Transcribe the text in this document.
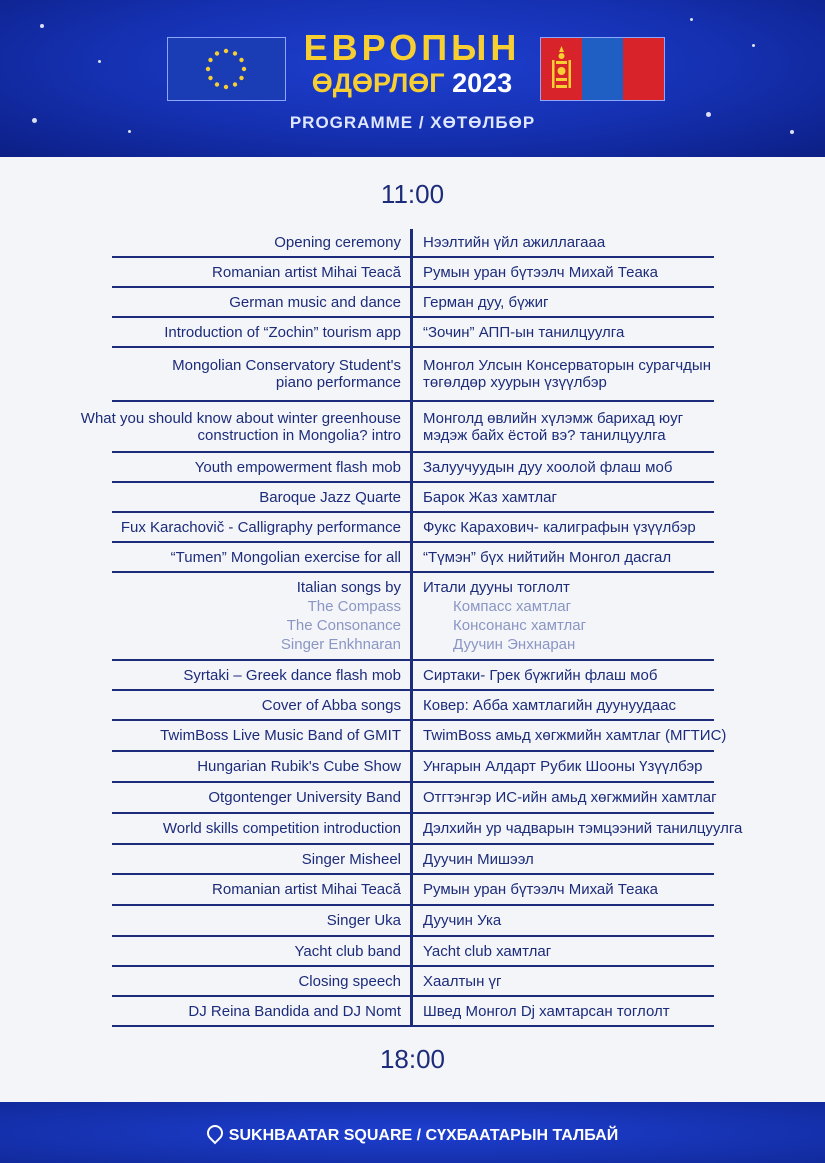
ЕВРОПЫН
ӨДӨРЛӨГ 2023
PROGRAMME / ХӨТӨЛБӨР
11:00
Opening ceremony Нээлтийн үйл ажиллагааа
Romanian artist Mihai Teacă Румын уран бүтээлч Михай Теака
German music and dance Герман дуу, бүжиг
Introduction of “Zochin” tourism app “Зочин” АПП-ын танилцуулга
Mongolian Conservatory Student's
piano performance
Монгол Улсын Консерваторын сурагчдын
төгөлдөр хуурын үзүүлбэр
What you should know about winter greenhouse
construction in Mongolia? intro
Монголд өвлийн хүлэмж барихад юуг
мэдэж байх ёстой вэ? танилцуулга
Youth empowerment flash mob Залуучуудын дуу хоолой флаш моб
Baroque Jazz Quarte Барок Жаз хамтлаг
Fux Karachovič - Calligraphy performance Фукс Карахович- калиграфын үзүүлбэр
“Tumen” Mongolian exercise for all “Түмэн” бүх нийтийн Монгол дасгал
Italian songs by
The Compass
The Consonance
Singer Enkhnaran
Итали дууны тоглолт
Компасс хамтлаг
Консонанс хамтлаг
Дуучин Энхнаран
Syrtaki – Greek dance flash mob Сиртаки- Грек бүжгийн флаш моб
Cover of Abba songs Ковер: Абба хамтлагийн дуунуудаас
TwimBoss Live Music Band of GMIT TwimBoss амьд хөгжмийн хамтлаг (МГТИС)
Hungarian Rubik's Cube Show Унгарын Алдарт Рубик Шооны Үзүүлбэр
Otgontenger University Band Отгтэнгэр ИС-ийн амьд хөгжмийн хамтлаг
World skills competition introduction Дэлхийн ур чадварын тэмцээний танилцуулга
Singer Misheel Дуучин Мишээл
Romanian artist Mihai Teacă Румын уран бүтээлч Михай Теака
Singer Uka Дуучин Ука
Yacht club band Yacht club хамтлаг
Closing speech Хаалтын үг
DJ Reina Bandida and DJ Nomt Швед Монгол Dj хамтарсан тоглолт
18:00
SUKHBAATAR SQUARE / СҮХБААТАРЫН ТАЛБАЙ
